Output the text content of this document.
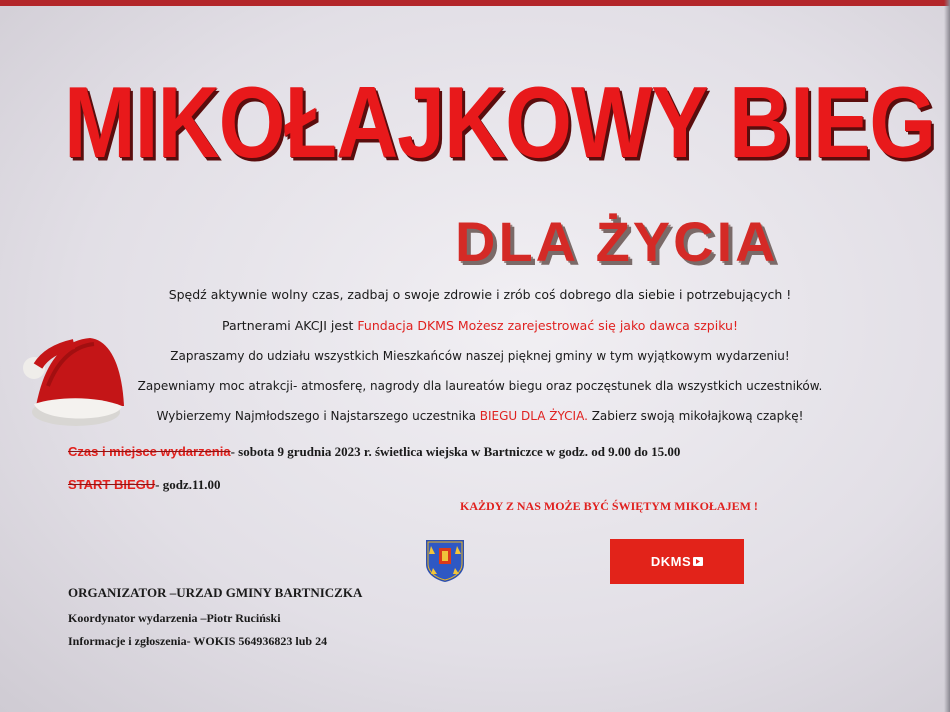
MIKOŁAJKOWY BIEG
DLA ŻYCIA

Spędź aktywnie wolny czas, zadbaj o swoje zdrowie i zrób coś dobrego dla siebie i potrzebujących !

Partnerami AKCJI jest Fundacja DKMS Możesz zarejestrować się jako dawca szpiku!

Zapraszamy do udziału wszystkich Mieszkańców naszej pięknej gminy w tym wyjątkowym wydarzeniu!

Zapewniamy moc atrakcji- atmosferę, nagrody dla laureatów biegu oraz poczęstunek dla wszystkich uczestników.

Wybierzemy Najmłodszego i Najstarszego uczestnika BIEGU DLA ŻYCIA. Zabierz swoją mikołajkową czapkę!

Czas i miejsce wydarzenia- sobota 9 grudnia 2023 r. świetlica wiejska w Bartniczce w godz. od 9.00 do 15.00

START BIEGU- godz.11.00

KAŻDY Z NAS MOŻE BYĆ ŚWIĘTYM MIKOŁAJEM !

DKMS

ORGANIZATOR –URZAD GMINY BARTNICZKA

Koordynator wydarzenia –Piotr Ruciński

Informacje i zgłoszenia- WOKIS 564936823 lub 24
